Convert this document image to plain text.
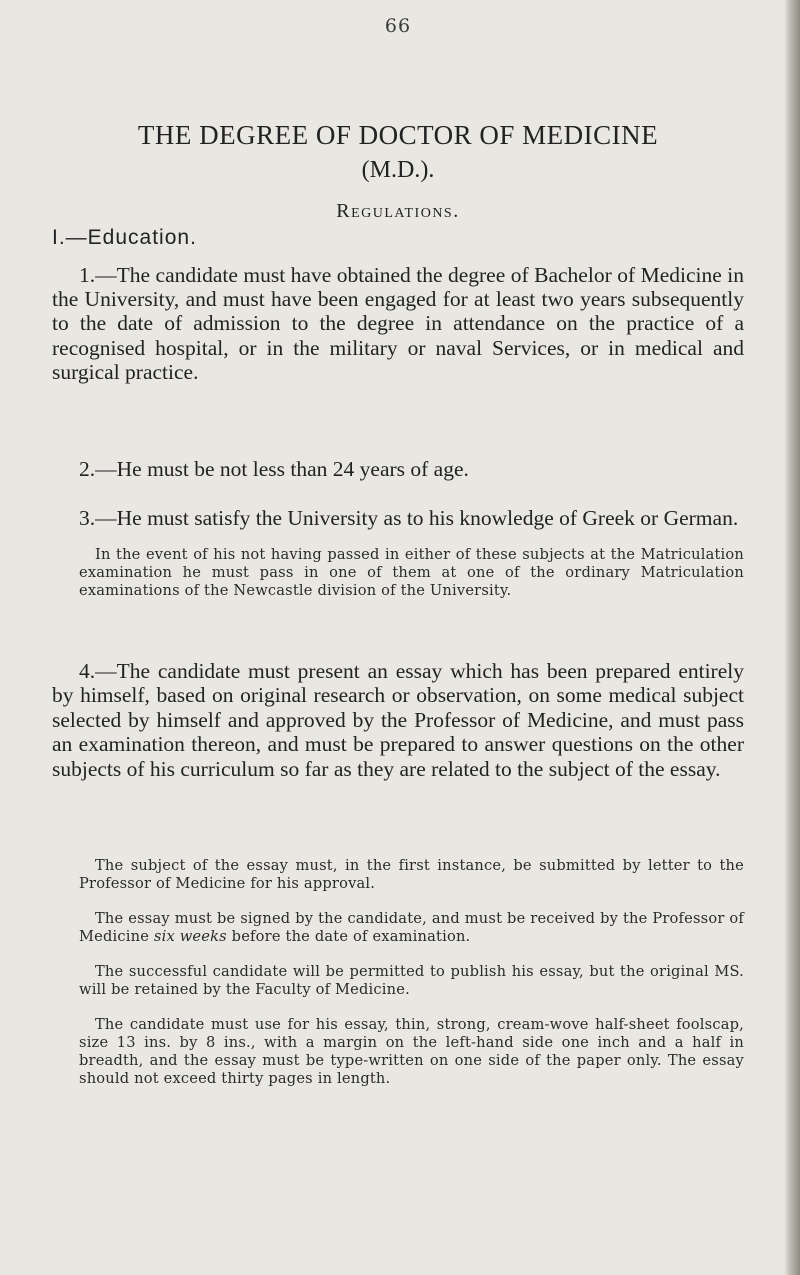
66
THE DEGREE OF DOCTOR OF MEDICINE
(M.D.).
Regulations.
I.—Education.

1.—The candidate must have obtained the degree of Bachelor of Medicine in the University, and must have been engaged for at least two years subsequently to the date of admission to the degree in attendance on the practice of a recognised hospital, or in the military or naval Services, or in medical and surgical practice.

2.—He must be not less than 24 years of age.

3.—He must satisfy the University as to his knowledge of Greek or German.

In the event of his not having passed in either of these subjects at the Matriculation examination he must pass in one of them at one of the ordinary Matriculation examinations of the Newcastle division of the University.

4.—The candidate must present an essay which has been prepared entirely by himself, based on original research or observation, on some medical subject selected by himself and approved by the Professor of Medicine, and must pass an examination thereon, and must be prepared to answer questions on the other subjects of his curriculum so far as they are related to the subject of the essay.

The subject of the essay must, in the first instance, be submitted by letter to the Professor of Medicine for his approval.

The essay must be signed by the candidate, and must be received by the Professor of Medicine six weeks before the date of examination.

The successful candidate will be permitted to publish his essay, but the original MS. will be retained by the Faculty of Medicine.

The candidate must use for his essay, thin, strong, cream-wove half-sheet foolscap, size 13 ins. by 8 ins., with a margin on the left-hand side one inch and a half in breadth, and the essay must be type-written on one side of the paper only. The essay should not exceed thirty pages in length.
